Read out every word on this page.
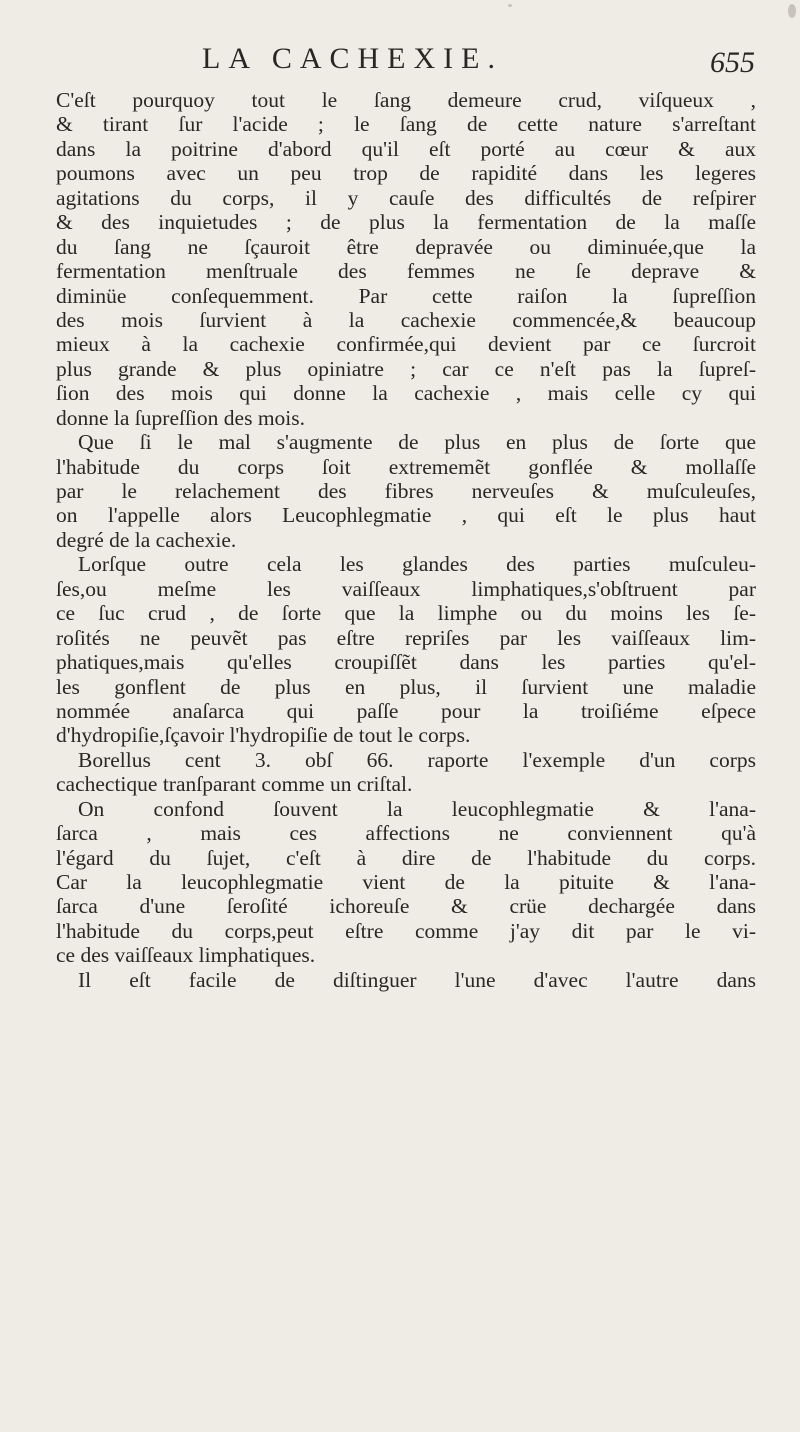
LA CACHEXIE.	655
C'eſt pourquoy tout le ſang demeure crud, viſqueux ,
& tirant ſur l'acide ; le ſang de cette nature s'arreſtant
dans la poitrine d'abord qu'il eſt porté au cœur & aux
poumons avec un peu trop de rapidité dans les legeres
agitations du corps, il y cauſe des difficultés de reſpirer
& des inquietudes ; de plus la fermentation de la maſſe
du ſang ne ſçauroit être depravée ou diminuée,que la
fermentation menſtruale des femmes ne ſe deprave &
diminüe conſequemment. Par cette raiſon la ſupreſſion
des mois ſurvient à la cachexie commencée,& beaucoup
mieux à la cachexie confirmée,qui devient par ce ſurcroit
plus grande & plus opiniatre ; car ce n'eſt pas la ſupreſ-
ſion des mois qui donne la cachexie , mais celle cy qui
donne la ſupreſſion des mois.
Que ſi le mal s'augmente de plus en plus de ſorte que
l'habitude du corps ſoit extrememẽt gonflée & mollaſſe
par le relachement des fibres nerveuſes & muſculeuſes,
on l'appelle alors Leucophlegmatie , qui eſt le plus haut
degré de la cachexie.
Lorſque outre cela les glandes des parties muſculeu-
ſes,ou meſme les vaiſſeaux limphatiques,s'obſtruent par
ce ſuc crud , de ſorte que la limphe ou du moins les ſe-
roſités ne peuvẽt pas eſtre repriſes par les vaiſſeaux lim-
phatiques,mais qu'elles croupiſſẽt dans les parties qu'el-
les gonflent de plus en plus, il ſurvient une maladie
nommée anaſarca qui paſſe pour la troiſiéme eſpece
d'hydropiſie,ſçavoir l'hydropiſie de tout le corps.
Borellus cent 3. obſ 66. raporte l'exemple d'un corps
cachectique tranſparant comme un criſtal.
On confond ſouvent la leucophlegmatie & l'ana-
ſarca , mais ces affections ne conviennent qu'à
l'égard du ſujet, c'eſt à dire de l'habitude du corps.
Car la leucophlegmatie vient de la pituite & l'ana-
ſarca d'une ſeroſité ichoreuſe & crüe dechargée dans
l'habitude du corps,peut eſtre comme j'ay dit par le vi-
ce des vaiſſeaux limphatiques.
Il eſt facile de diſtinguer l'une d'avec l'autre dans
